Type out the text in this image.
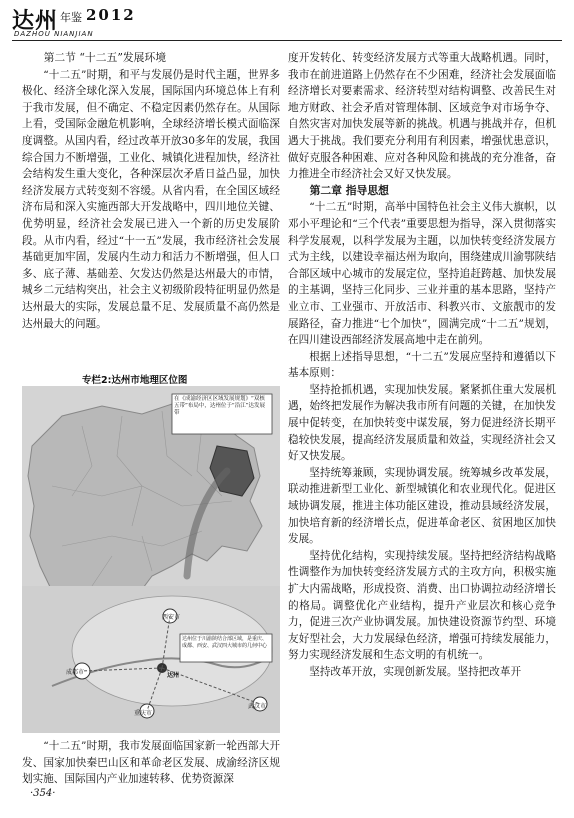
达州 年鉴 2012
DAZHOU NIANJIAN
第二节 “十二五”发展环境

“十二五”时期，和平与发展仍是时代主题，世界多极化、经济全球化深入发展，国际国内环境总体上有利于我市发展，但不确定、不稳定因素仍然存在。从国际上看，受国际金融危机影响，全球经济增长模式面临深度调整。从国内看，经过改革开放30多年的发展，我国综合国力不断增强，工业化、城镇化进程加快，经济社会结构发生重大变化，各种深层次矛盾日益凸显，加快经济发展方式转变刻不容缓。从省内看，在全国区域经济布局和深入实施西部大开发战略中，四川地位关键、优势明显，经济社会发展已进入一个新的历史发展阶段。从市内看，经过“十一五”发展，我市经济社会发展基础更加牢固，发展内生动力和活力不断增强，但人口多、底子薄、基础差、欠发达仍然是达州最大的市情，城乡二元结构突出，社会主义初级阶段特征明显仍然是达州最大的实际，发展总量不足、发展质量不高仍然是达州最大的问题。

专栏2:达州市地理区位图
在《成渝经济区区域发展规划》“双核五带”布局中，达州位于“沿江”达发展带
达州位于川渝陕结合部区域，是重庆、成都、西安、武汉四大城市的几何中心
西安市
成都市
重庆市
武汉市
达州

“十二五”时期，我市发展面临国家新一轮西部大开发、国家加快秦巴山区和革命老区发展、成渝经济区规划实施、国际国内产业加速转移、优势资源深

度开发转化、转变经济发展方式等重大战略机遇。同时，我市在前进道路上仍然存在不少困难，经济社会发展面临经济增长对要素需求、经济转型对结构调整、改善民生对地方财政、社会矛盾对管理体制、区域竞争对市场争夺、自然灾害对加快发展等新的挑战。机遇与挑战并存，但机遇大于挑战。我们要充分利用有利因素，增强忧患意识，做好克服各种困难、应对各种风险和挑战的充分准备，奋力推进全市经济社会又好又快发展。

第二章 指导思想

“十二五”时期，高举中国特色社会主义伟大旗帜，以邓小平理论和“三个代表”重要思想为指导，深入贯彻落实科学发展观，以科学发展为主题，以加快转变经济发展方式为主线，以建设幸福达州为取向，围绕建成川渝鄂陕结合部区域中心城市的发展定位，坚持追赶跨越、加快发展的主基调，坚持三化同步、三业并重的基本思路，坚持产业立市、工业强市、开放活市、科教兴市、文旅靓市的发展路径，奋力推进“七个加快”，圆满完成“十二五”规划，在四川建设西部经济发展高地中走在前列。

根据上述指导思想，“十二五”发展应坚持和遵循以下基本原则：

坚持抢抓机遇，实现加快发展。紧紧抓住重大发展机遇，始终把发展作为解决我市所有问题的关键，在加快发展中促转变，在加快转变中谋发展，努力促进经济长期平稳较快发展，提高经济发展质量和效益，实现经济社会又好又快发展。

坚持统筹兼顾，实现协调发展。统筹城乡改革发展，联动推进新型工业化、新型城镇化和农业现代化。促进区域协调发展，推进主体功能区建设，推动县域经济发展，加快培育新的经济增长点，促进革命老区、贫困地区加快发展。

坚持优化结构，实现持续发展。坚持把经济结构战略性调整作为加快转变经济发展方式的主攻方向，积极实施扩大内需战略，形成投资、消费、出口协调拉动经济增长的格局。调整优化产业结构，提升产业层次和核心竞争力，促进三次产业协调发展。加快建设资源节约型、环境友好型社会，大力发展绿色经济，增强可持续发展能力，努力实现经济发展和生态文明的有机统一。

坚持改革开放，实现创新发展。坚持把改革开

·354·
